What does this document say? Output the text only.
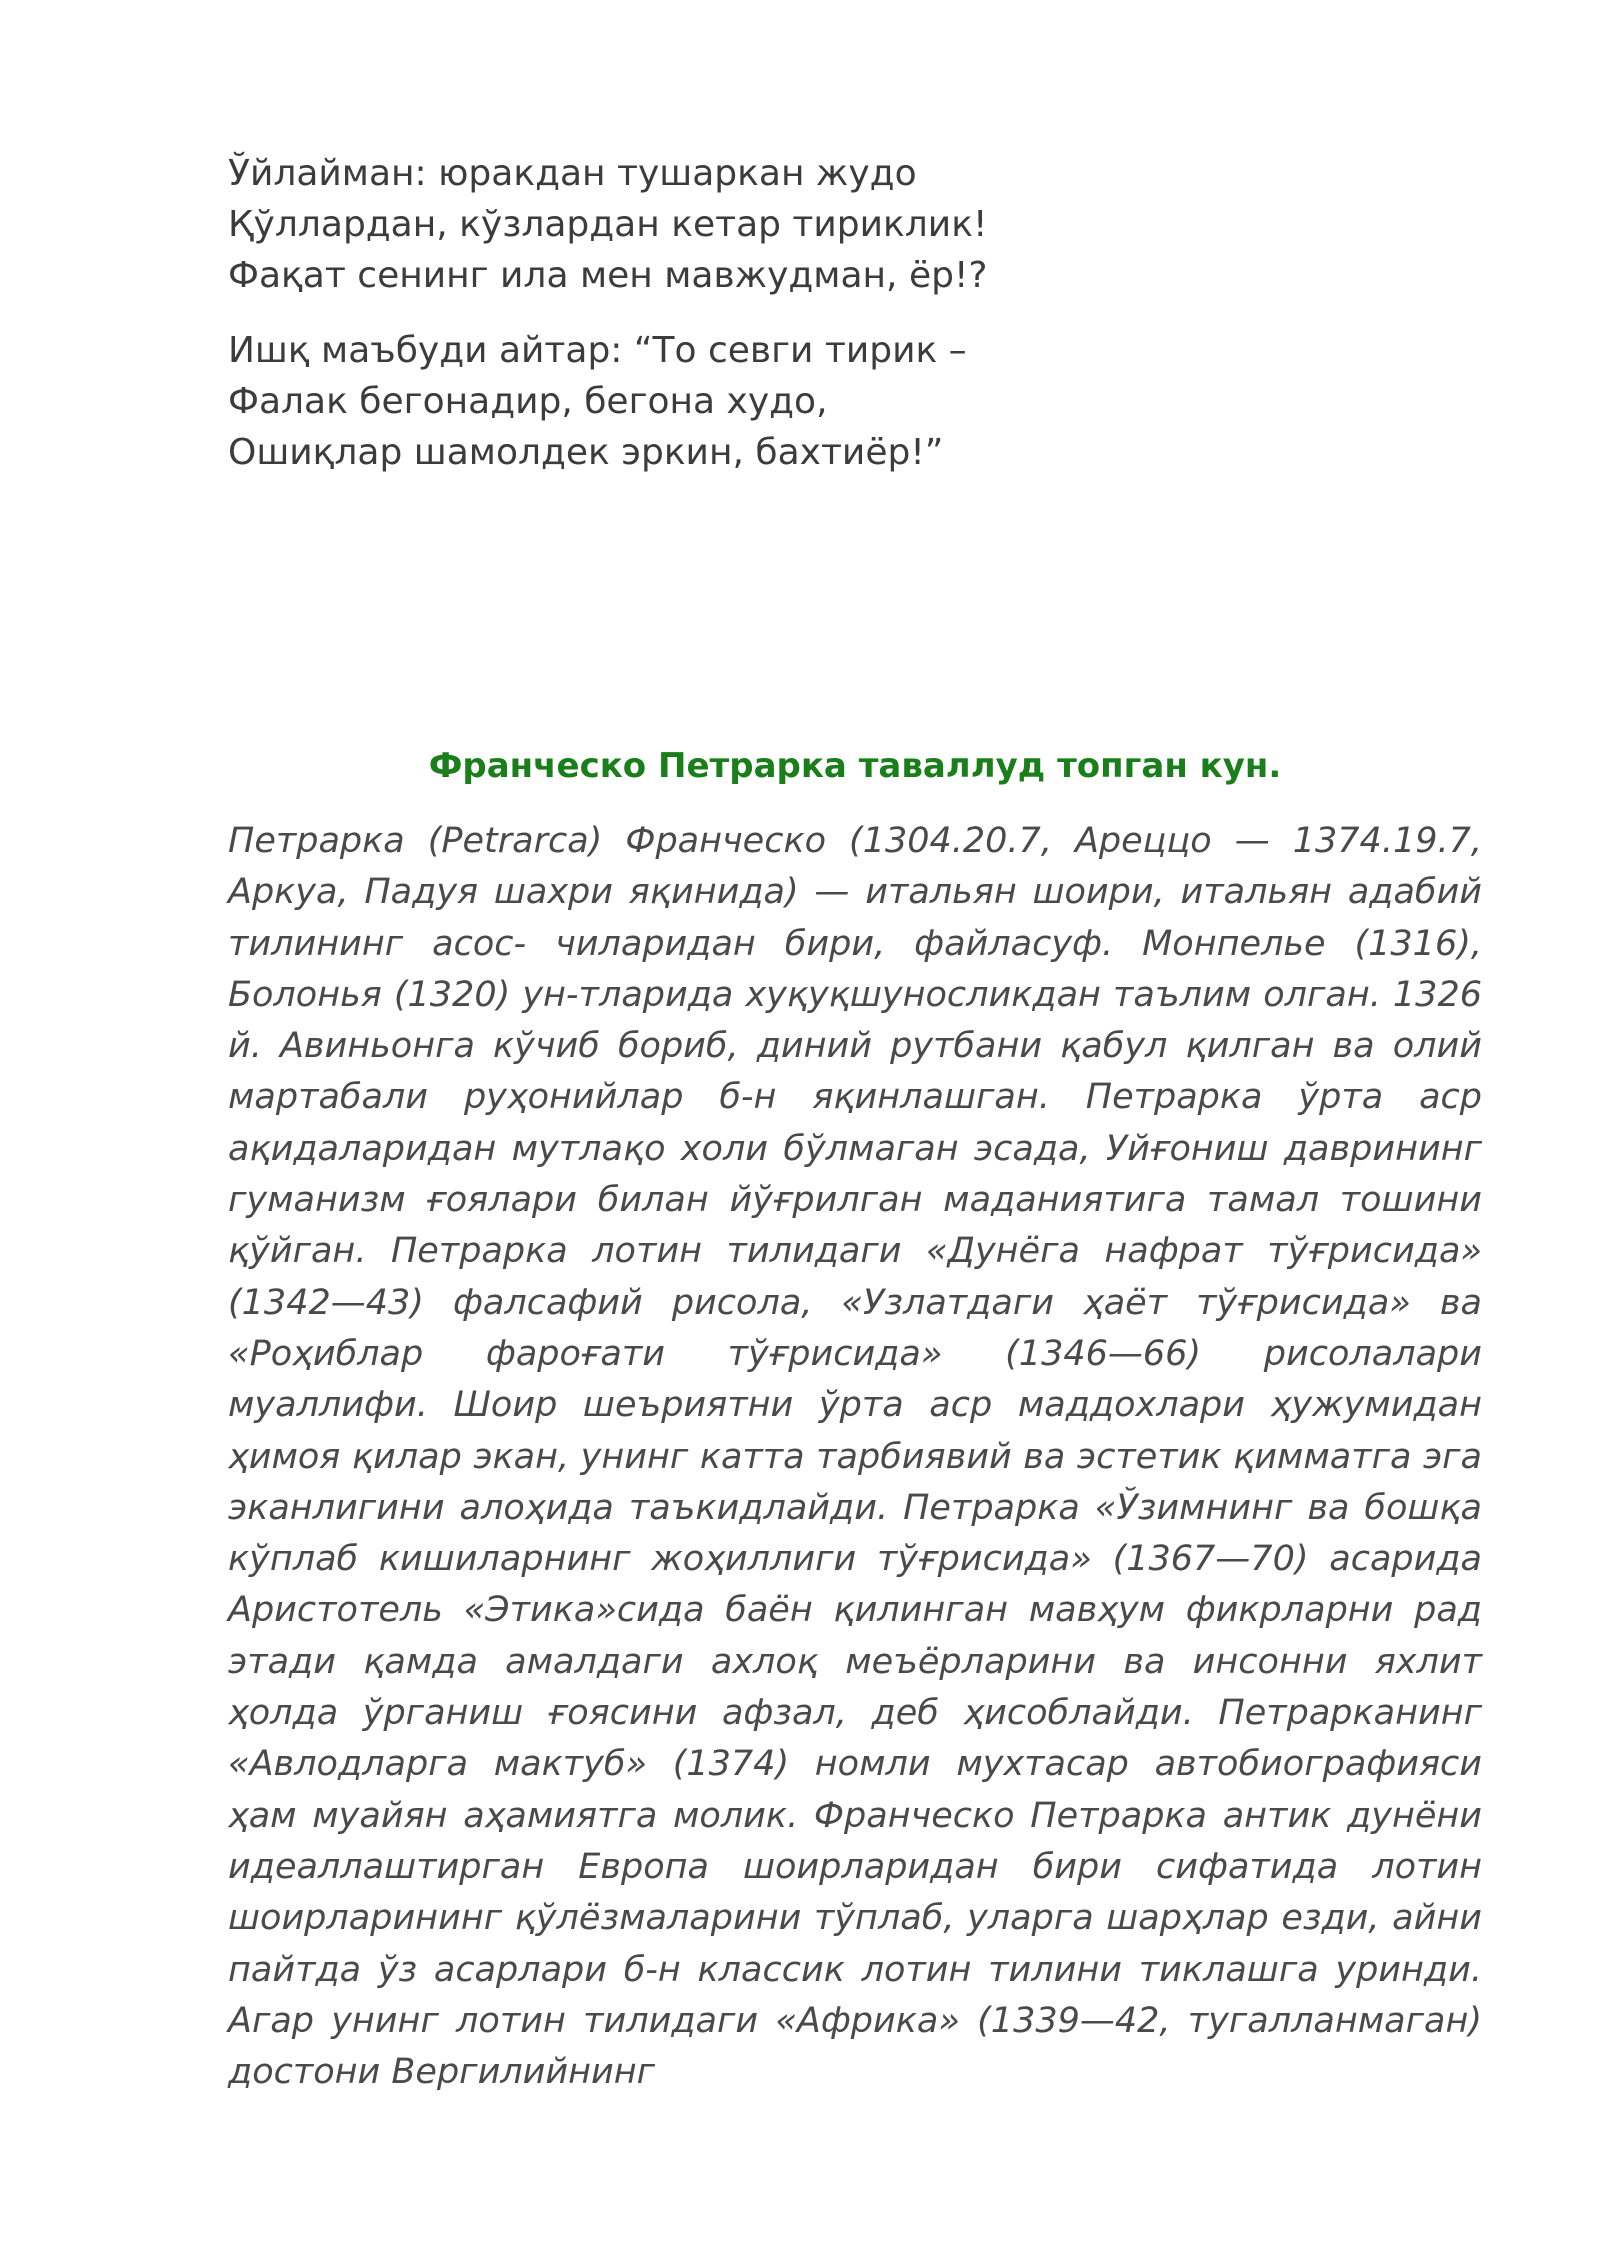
Ўйлайман: юракдан тушаркан жудо
Қўллардан, кўзлардан кетар тириклик!
Фақат сенинг ила мен мавжудман, ёр!?
Ишқ маъбуди айтар: “То севги тирик –
Фалак бегонадир, бегона худо,
Ошиқлар шамолдек эркин, бахтиёр!”
Франческо Петрарка таваллуд топган кун.
Петрарка (Petrarca) Франческо (1304.20.7, Ареццо — 1374.19.7, Аркуа, Падуя шахри яқинида) — итальян шоири, итальян адабий тилининг асос- чиларидан бири, файласуф. Монпелье (1316), Болонья (1320) ун-тларида хуқуқшуносликдан таълим олган. 1326 й. Авиньонга кўчиб бориб, диний рутбани қабул қилган ва олий мартабали руҳонийлар б-н яқинлашган. Петрарка ўрта аср ақидаларидан мутлақо холи бўлмаган эсада, Уйғониш даврининг гуманизм ғоялари билан йўғрилган маданиятига тамал тошини қўйган. Петрарка лотин тилидаги «Дунёга нафрат тўғрисида» (1342—43) фалсафий рисола, «Узлатдаги ҳаёт тўғрисида» ва «Роҳиблар фароғати тўғрисида» (1346—66) рисолалари муаллифи. Шоир шеъриятни ўрта аср маддохлари ҳужумидан ҳимоя қилар экан, унинг катта тарбиявий ва эстетик қимматга эга эканлигини алоҳида таъкидлайди. Петрарка «Ўзимнинг ва бошқа кўплаб кишиларнинг жоҳиллиги тўғрисида» (1367—70) асарида Аристотель «Этика»сида баён қилинган мавҳум фикрларни рад этади қамда амалдаги ахлоқ меъёрларини ва инсонни яхлит ҳолда ўрганиш ғоясини афзал, деб ҳисоблайди. Петрарканинг «Авлодларга мактуб» (1374) номли мухтасар автобиографияси ҳам муайян аҳамиятга молик. Франческо Петрарка антик дунёни идеаллаштирган Европа шоирларидан бири сифатида лотин шоирларининг қўлёзмаларини тўплаб, уларга шарҳлар езди, айни пайтда ўз асарлари б-н классик лотин тилини тиклашга уринди. Агар унинг лотин тилидаги «Африка» (1339—42, тугалланмаган) достони Вергилийнинг
